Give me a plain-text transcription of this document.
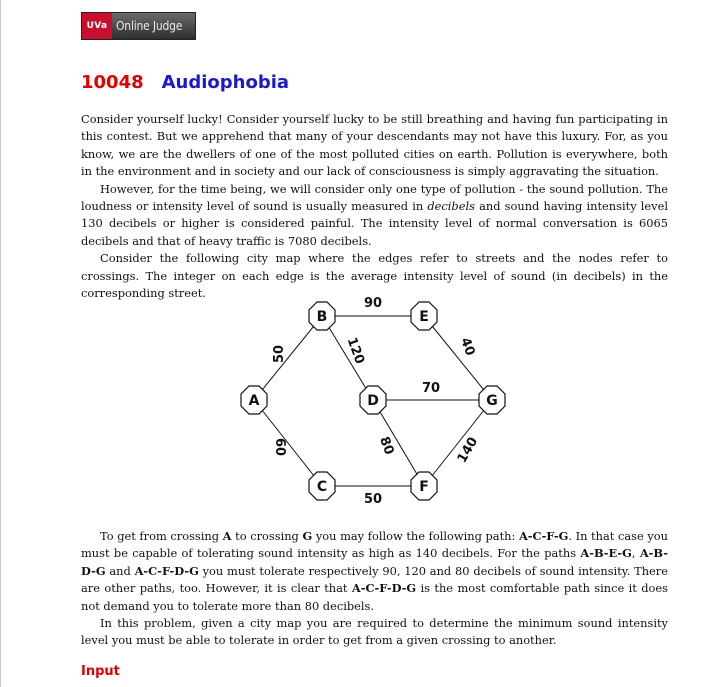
UVa Online Judge
10048 Audiophobia

Consider yourself lucky! Consider yourself lucky to be still breathing and having fun participating in this contest. But we apprehend that many of your descendants may not have this luxury. For, as you know, we are the dwellers of one of the most polluted cities on earth. Pollution is everywhere, both in the environment and in society and our lack of consciousness is simply aggravating the situation.

However, for the time being, we will consider only one type of pollution - the sound pollution. The loudness or intensity level of sound is usually measured in decibels and sound having intensity level 130 decibels or higher is considered painful. The intensity level of normal conversation is 6065 decibels and that of heavy traffic is 7080 decibels.

Consider the following city map where the edges refer to streets and the nodes refer to crossings. The integer on each edge is the average intensity level of sound (in decibels) in the corresponding street.

90
50
70
50
60
120	40
80	140
A
B
C
D
E
F
G

To get from crossing A to crossing G you may follow the following path: A-C-F-G. In that case you must be capable of tolerating sound intensity as high as 140 decibels. For the paths A-B-E-G, A-B-D-G and A-C-F-D-G you must tolerate respectively 90, 120 and 80 decibels of sound intensity. There are other paths, too. However, it is clear that A-C-F-D-G is the most comfortable path since it does not demand you to tolerate more than 80 decibels.

In this problem, given a city map you are required to determine the minimum sound intensity level you must be able to tolerate in order to get from a given crossing to another.

Input
